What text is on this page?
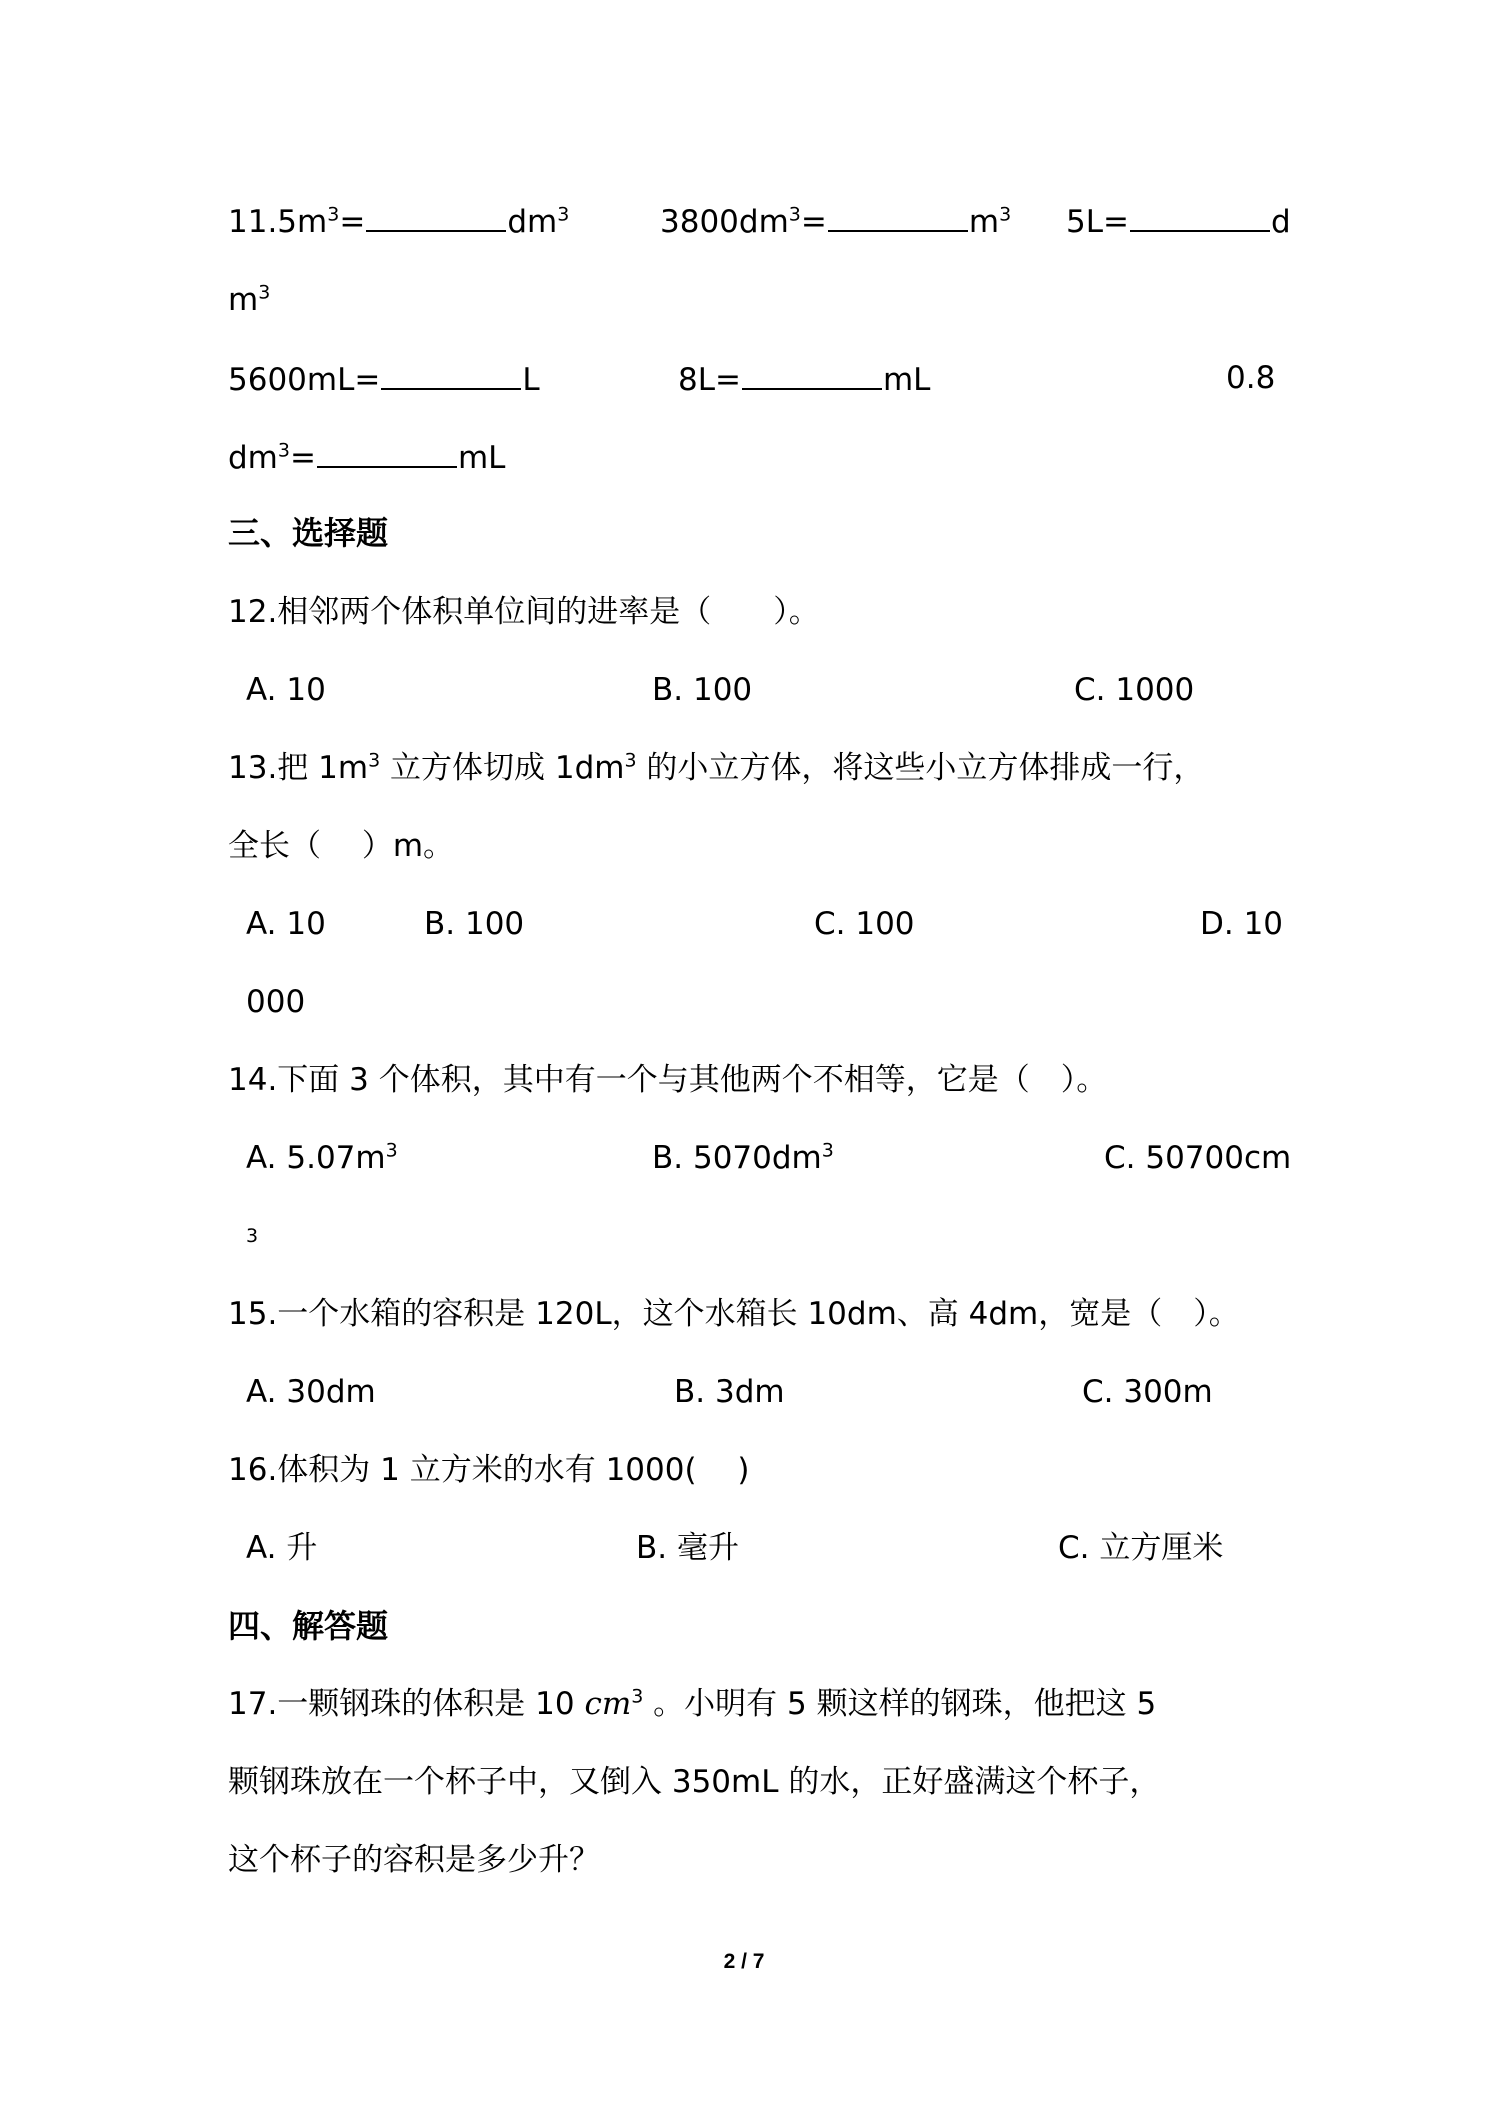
$11.5m^3=$	$dm^3$	$3800dm^3=$	$m^3$ 5L=	d
$m^3$
5600mL=	L	8L=	mL	0.8
$dm^3=$	mL
三、选择题
12.相邻两个体积单位间的进率是（　　）。
A. 10	B. 100	C. 1000
13.把 $1m^3$ 立方体切成 $1dm^3$ 的小立方体，将这些小立方体排成一行，
全长（　 ）m。
A. 10	B. 100	C. 100	D. 10
000
14.下面 3 个体积，其中有一个与其他两个不相等，它是（　）。
A. $5.07m^3$	B. $5070dm^3$	C. 50700cm
3
15.一个水箱的容积是 120L，这个水箱长 10dm、高 4dm，宽是（　）。
A. 30dm	B. 3dm	C. 300m
16.体积为 1 立方米的水有 1000(　 )
A. 升	B. 毫升	C. 立方厘米
四、解答题
17.一颗钢珠的体积是 10 $cm^3$ 。小明有 5 颗这样的钢珠，他把这 5
颗钢珠放在一个杯子中，又倒入 350mL 的水，正好盛满这个杯子，
这个杯子的容积是多少升？
2 / 7
